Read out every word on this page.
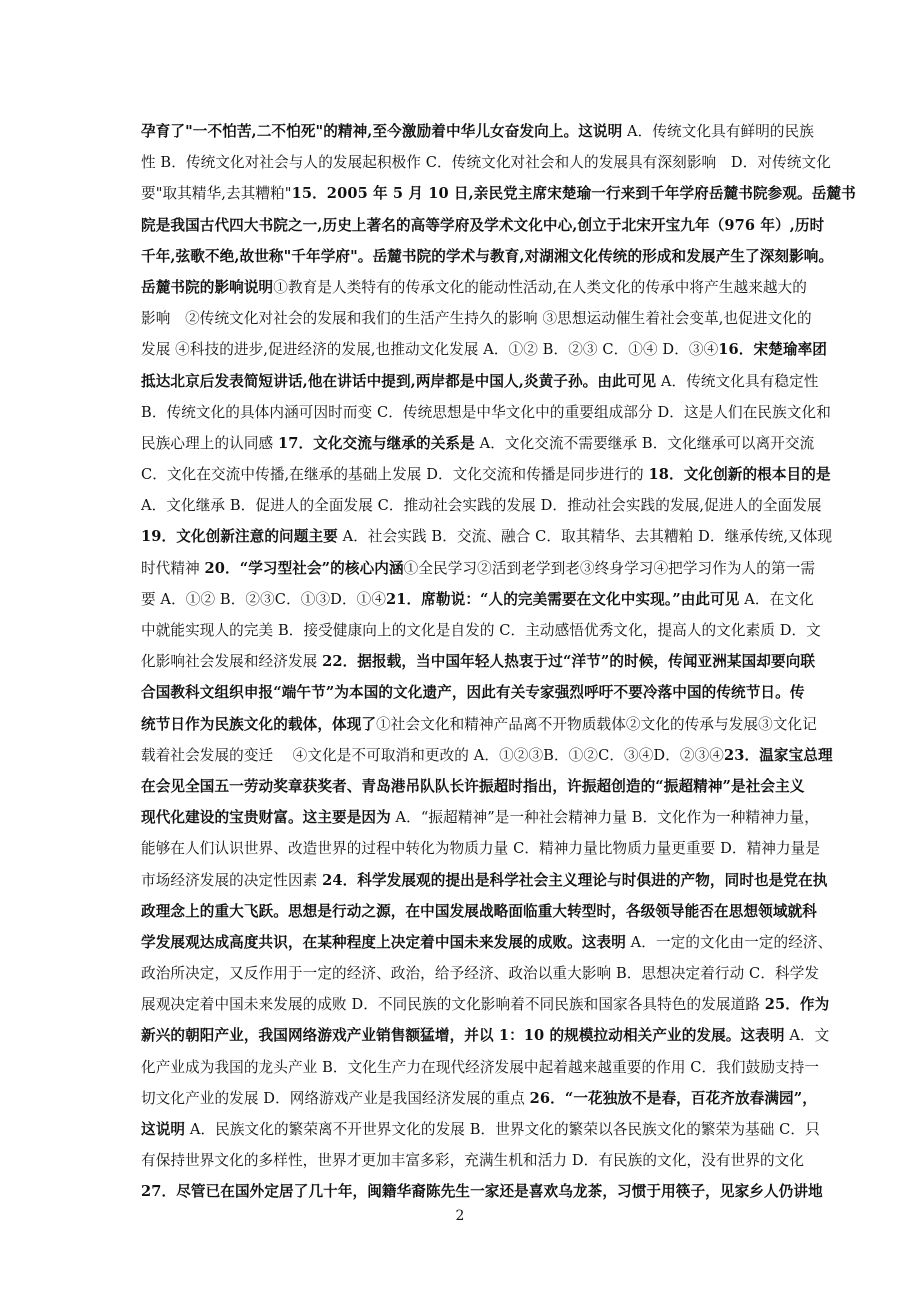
孕育了"一不怕苦,二不怕死"的精神,至今激励着中华儿女奋发向上。这说明 A．传统文化具有鲜明的民族
性 B．传统文化对社会与人的发展起积极作 C．传统文化对社会和人的发展具有深刻影响　D．对传统文化
要"取其精华,去其糟粕"15．2005 年 5 月 10 日,亲民党主席宋楚瑜一行来到千年学府岳麓书院参观。岳麓书
院是我国古代四大书院之一,历史上著名的高等学府及学术文化中心,创立于北宋开宝九年（976 年）,历时
千年,弦歌不绝,故世称"千年学府"。岳麓书院的学术与教育,对湖湘文化传统的形成和发展产生了深刻影响。
岳麓书院的影响说明①教育是人类特有的传承文化的能动性活动,在人类文化的传承中将产生越来越大的
影响　②传统文化对社会的发展和我们的生活产生持久的影响 ③思想运动催生着社会变革,也促进文化的
发展 ④科技的进步,促进经济的发展,也推动文化发展 A．①② B．②③ C．①④ D．③④16．宋楚瑜率团
抵达北京后发表简短讲话,他在讲话中提到,两岸都是中国人,炎黄子孙。由此可见 A．传统文化具有稳定性
B．传统文化的具体内涵可因时而变 C．传统思想是中华文化中的重要组成部分 D．这是人们在民族文化和
民族心理上的认同感 17．文化交流与继承的关系是 A．文化交流不需要继承 B．文化继承可以离开交流
C．文化在交流中传播,在继承的基础上发展 D．文化交流和传播是同步进行的 18．文化创新的根本目的是
A．文化继承 B．促进人的全面发展 C．推动社会实践的发展 D．推动社会实践的发展,促进人的全面发展
19．文化创新注意的问题主要 A．社会实践 B．交流、融合 C．取其精华、去其糟粕 D．继承传统,又体现
时代精神 20．“学习型社会”的核心内涵①全民学习②活到老学到老③终身学习④把学习作为人的第一需
要 A．①② B．②③C．①③D．①④21．席勒说：“人的完美需要在文化中实现。”由此可见 A．在文化
中就能实现人的完美 B．接受健康向上的文化是自发的 C．主动感悟优秀文化，提高人的文化素质 D．文
化影响社会发展和经济发展 22．据报载，当中国年轻人热衷于过“洋节”的时候，传闻亚洲某国却要向联
合国教科文组织申报“端午节”为本国的文化遗产，因此有关专家强烈呼吁不要冷落中国的传统节日。传
统节日作为民族文化的载体，体现了①社会文化和精神产品离不开物质载体②文化的传承与发展③文化记
载着社会发展的变迁　 ④文化是不可取消和更改的 A．①②③B．①②C．③④D．②③④23．温家宝总理
在会见全国五一劳动奖章获奖者、青岛港吊队队长许振超时指出，许振超创造的“振超精神”是社会主义
现代化建设的宝贵财富。这主要是因为 A．“振超精神”是一种社会精神力量 B．文化作为一种精神力量，
能够在人们认识世界、改造世界的过程中转化为物质力量 C．精神力量比物质力量更重要 D．精神力量是
市场经济发展的决定性因素 24．科学发展观的提出是科学社会主义理论与时俱进的产物，同时也是党在执
政理念上的重大飞跃。思想是行动之源，在中国发展战略面临重大转型时，各级领导能否在思想领域就科
学发展观达成高度共识，在某种程度上决定着中国未来发展的成败。这表明 A．一定的文化由一定的经济、
政治所决定，又反作用于一定的经济、政治，给予经济、政治以重大影响 B．思想决定着行动 C．科学发
展观决定着中国未来发展的成败 D．不同民族的文化影响着不同民族和国家各具特色的发展道路 25．作为
新兴的朝阳产业，我国网络游戏产业销售额猛增，并以 1：10 的规模拉动相关产业的发展。这表明 A．文
化产业成为我国的龙头产业 B．文化生产力在现代经济发展中起着越来越重要的作用 C．我们鼓励支持一
切文化产业的发展 D．网络游戏产业是我国经济发展的重点 26．“一花独放不是春，百花齐放春满园”，
这说明 A．民族文化的繁荣离不开世界文化的发展 B．世界文化的繁荣以各民族文化的繁荣为基础 C．只
有保持世界文化的多样性，世界才更加丰富多彩，充满生机和活力 D．有民族的文化，没有世界的文化
27．尽管已在国外定居了几十年，闽籍华裔陈先生一家还是喜欢乌龙茶，习惯于用筷子，见家乡人仍讲地
2
